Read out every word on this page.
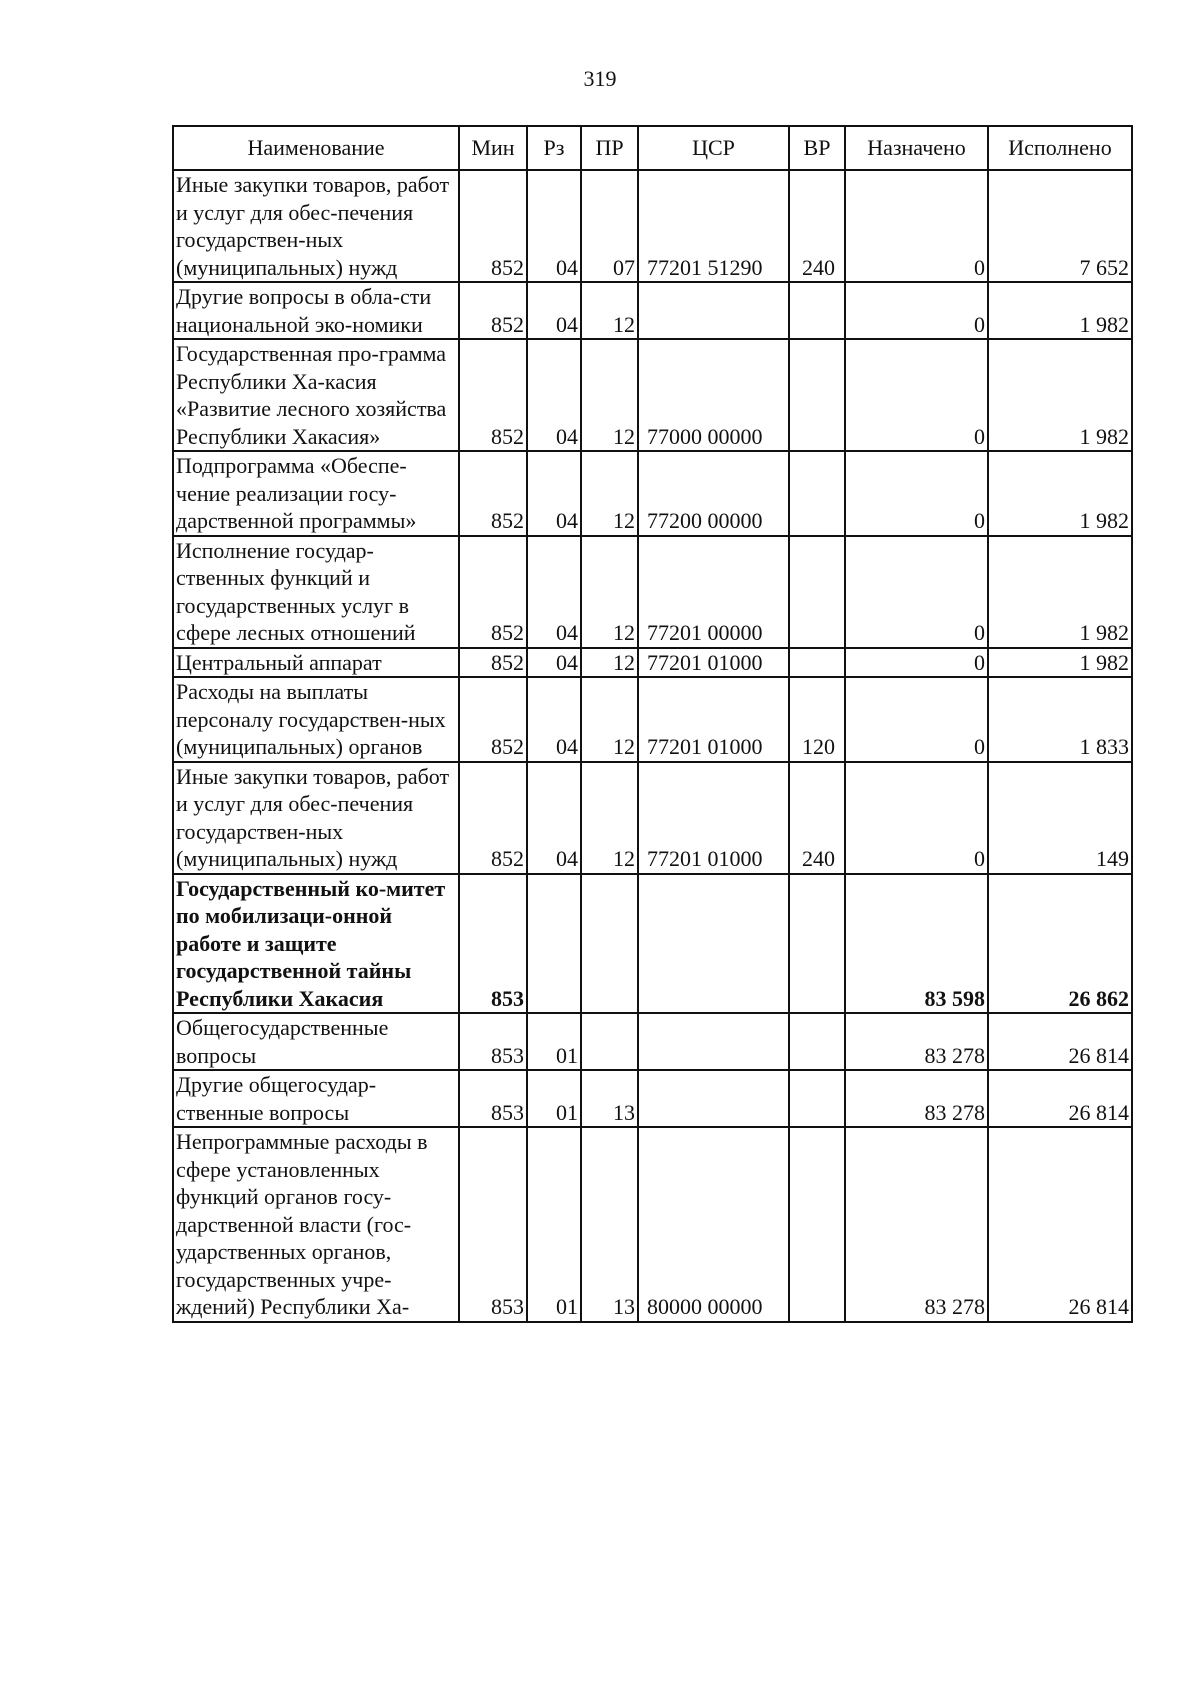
319
Наименование	Мин	Рз	ПР	ЦСР	ВР	Назначено	Исполнено
Иные закупки товаров, работ и услуг для обес-печения государствен-ных (муниципальных) нужд	852	04	07	77201 51290	240	0	7 652
Другие вопросы в обла-сти национальной эко-номики	852	04	12			0	1 982
Государственная про-грамма Республики Ха-касия «Развитие лесного хозяйства Республики Хакасия»	852	04	12	77000 00000		0	1 982
Подпрограмма «Обеспе-чение реализации госу-дарственной программы»	852	04	12	77200 00000		0	1 982
Исполнение государ-ственных функций и государственных услуг в сфере лесных отношений	852	04	12	77201 00000		0	1 982
Центральный аппарат	852	04	12	77201 01000		0	1 982
Расходы на выплаты персоналу государствен-ных (муниципальных) органов	852	04	12	77201 01000	120	0	1 833
Иные закупки товаров, работ и услуг для обес-печения государствен-ных (муниципальных) нужд	852	04	12	77201 01000	240	0	149
Государственный ко-митет по мобилизаци-онной работе и защите государственной тайны Республики Хакасия	853					83 598	26 862
Общегосударственные вопросы	853	01				83 278	26 814
Другие общегосудар-ственные вопросы	853	01	13			83 278	26 814
Непрограммные расходы в сфере установленных функций органов госу-дарственной власти (гос-ударственных органов, государственных учре-ждений) Республики Ха-	853	01	13	80000 00000		83 278	26 814
